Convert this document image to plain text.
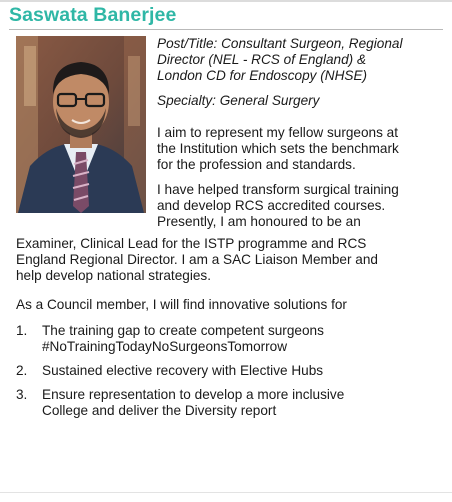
Saswata Banerjee
Post/Title: Consultant Surgeon, Regional
Director (NEL - RCS of England) &
London CD for Endoscopy (NHSE)
Specialty: General Surgery
I aim to represent my fellow surgeons at
the Institution which sets the benchmark
for the profession and standards.
I have helped transform surgical training
and develop RCS accredited courses.
Presently, I am honoured to be an
Examiner, Clinical Lead for the ISTP programme and RCS
England Regional Director. I am a SAC Liaison Member and
help develop national strategies.
As a Council member, I will find innovative solutions for
1.	The training gap to create competent surgeons
#NoTrainingTodayNoSurgeonsTomorrow
2.	Sustained elective recovery with Elective Hubs
3.	Ensure representation to develop a more inclusive
College and deliver the Diversity report
